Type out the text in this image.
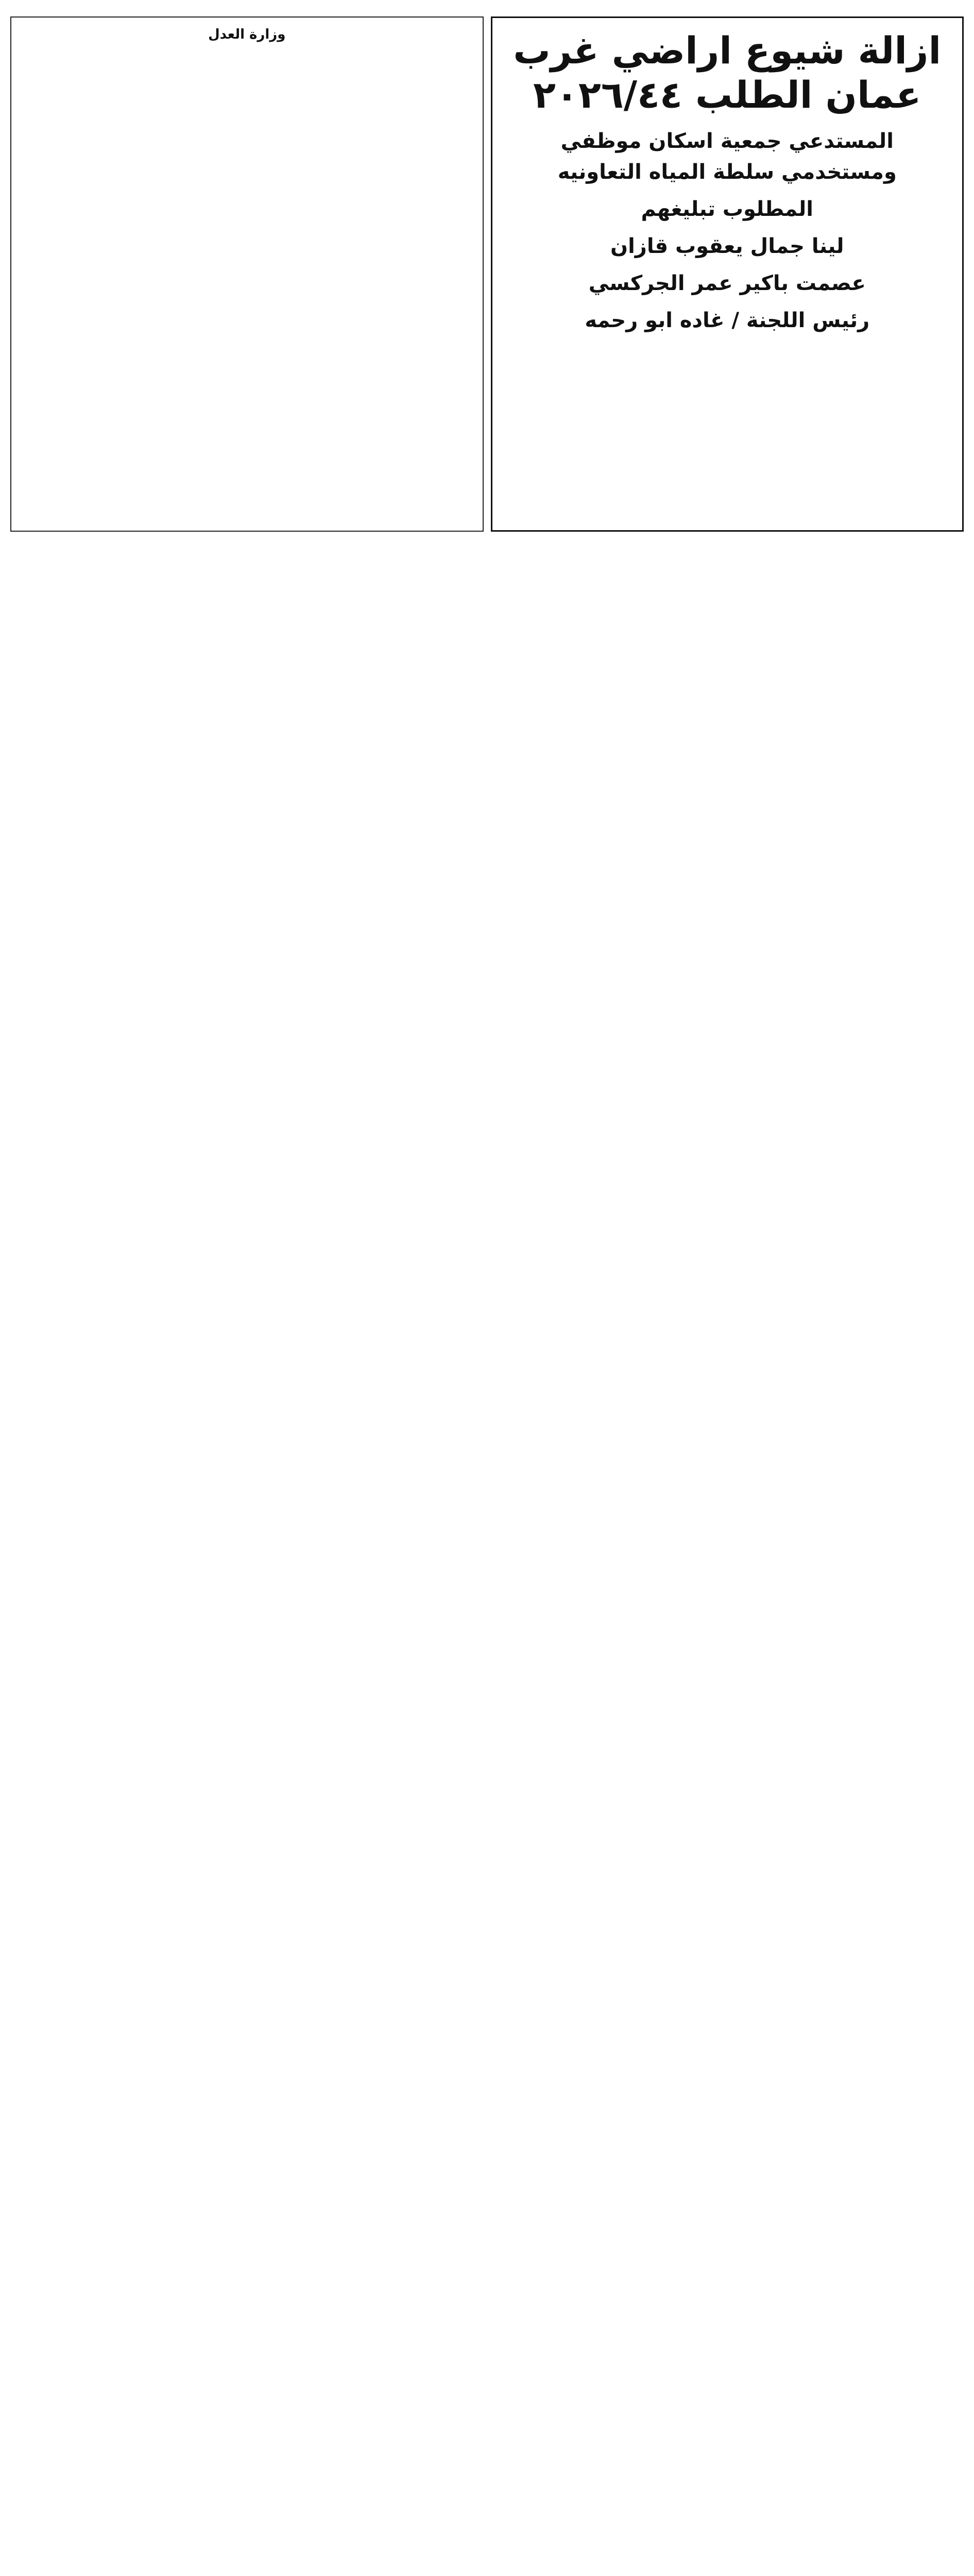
ازالة شيوع اراضي غرب عمان الطلب ٢٠٢٦/٤٤

المستدعي جمعية اسكان موظفي ومستخدمي سلطة المياه التعاونيه

المطلوب تبليغهم

لينا جمال يعقوب قازان

عصمت باكير عمر الجركسي

رئيس اللجنة / غاده ابو رحمه

وزارة العدل
